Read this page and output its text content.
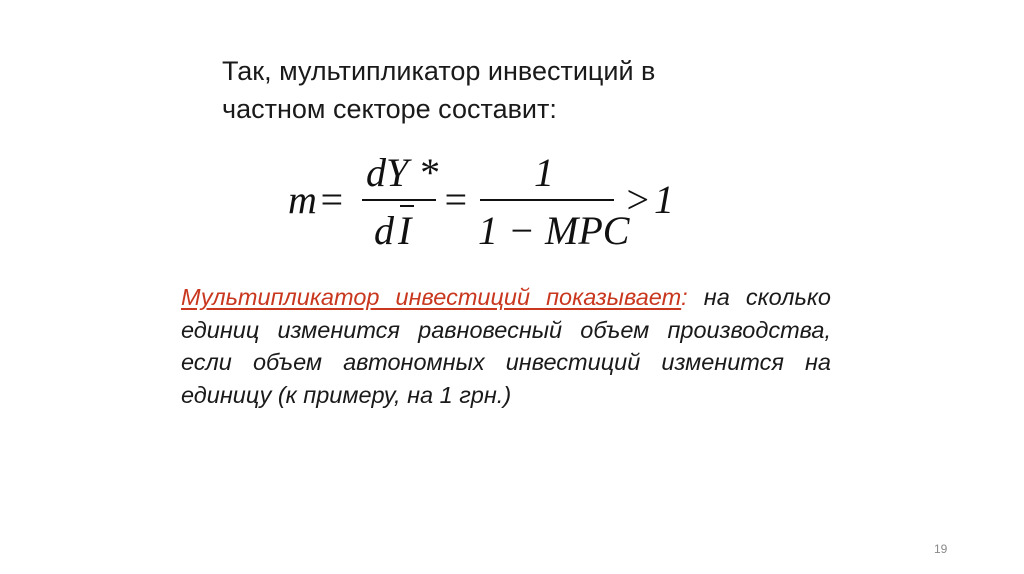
Так, мультипликатор инвестиций в
частном секторе составит:
m =
dY *
d I
=
1
1 − MPC
> 1

Мультипликатор инвестиций показывает: на сколько единиц изменится равновесный объем производства, если объем автономных инвестиций изменится на единицу (к примеру, на 1 грн.)

19
